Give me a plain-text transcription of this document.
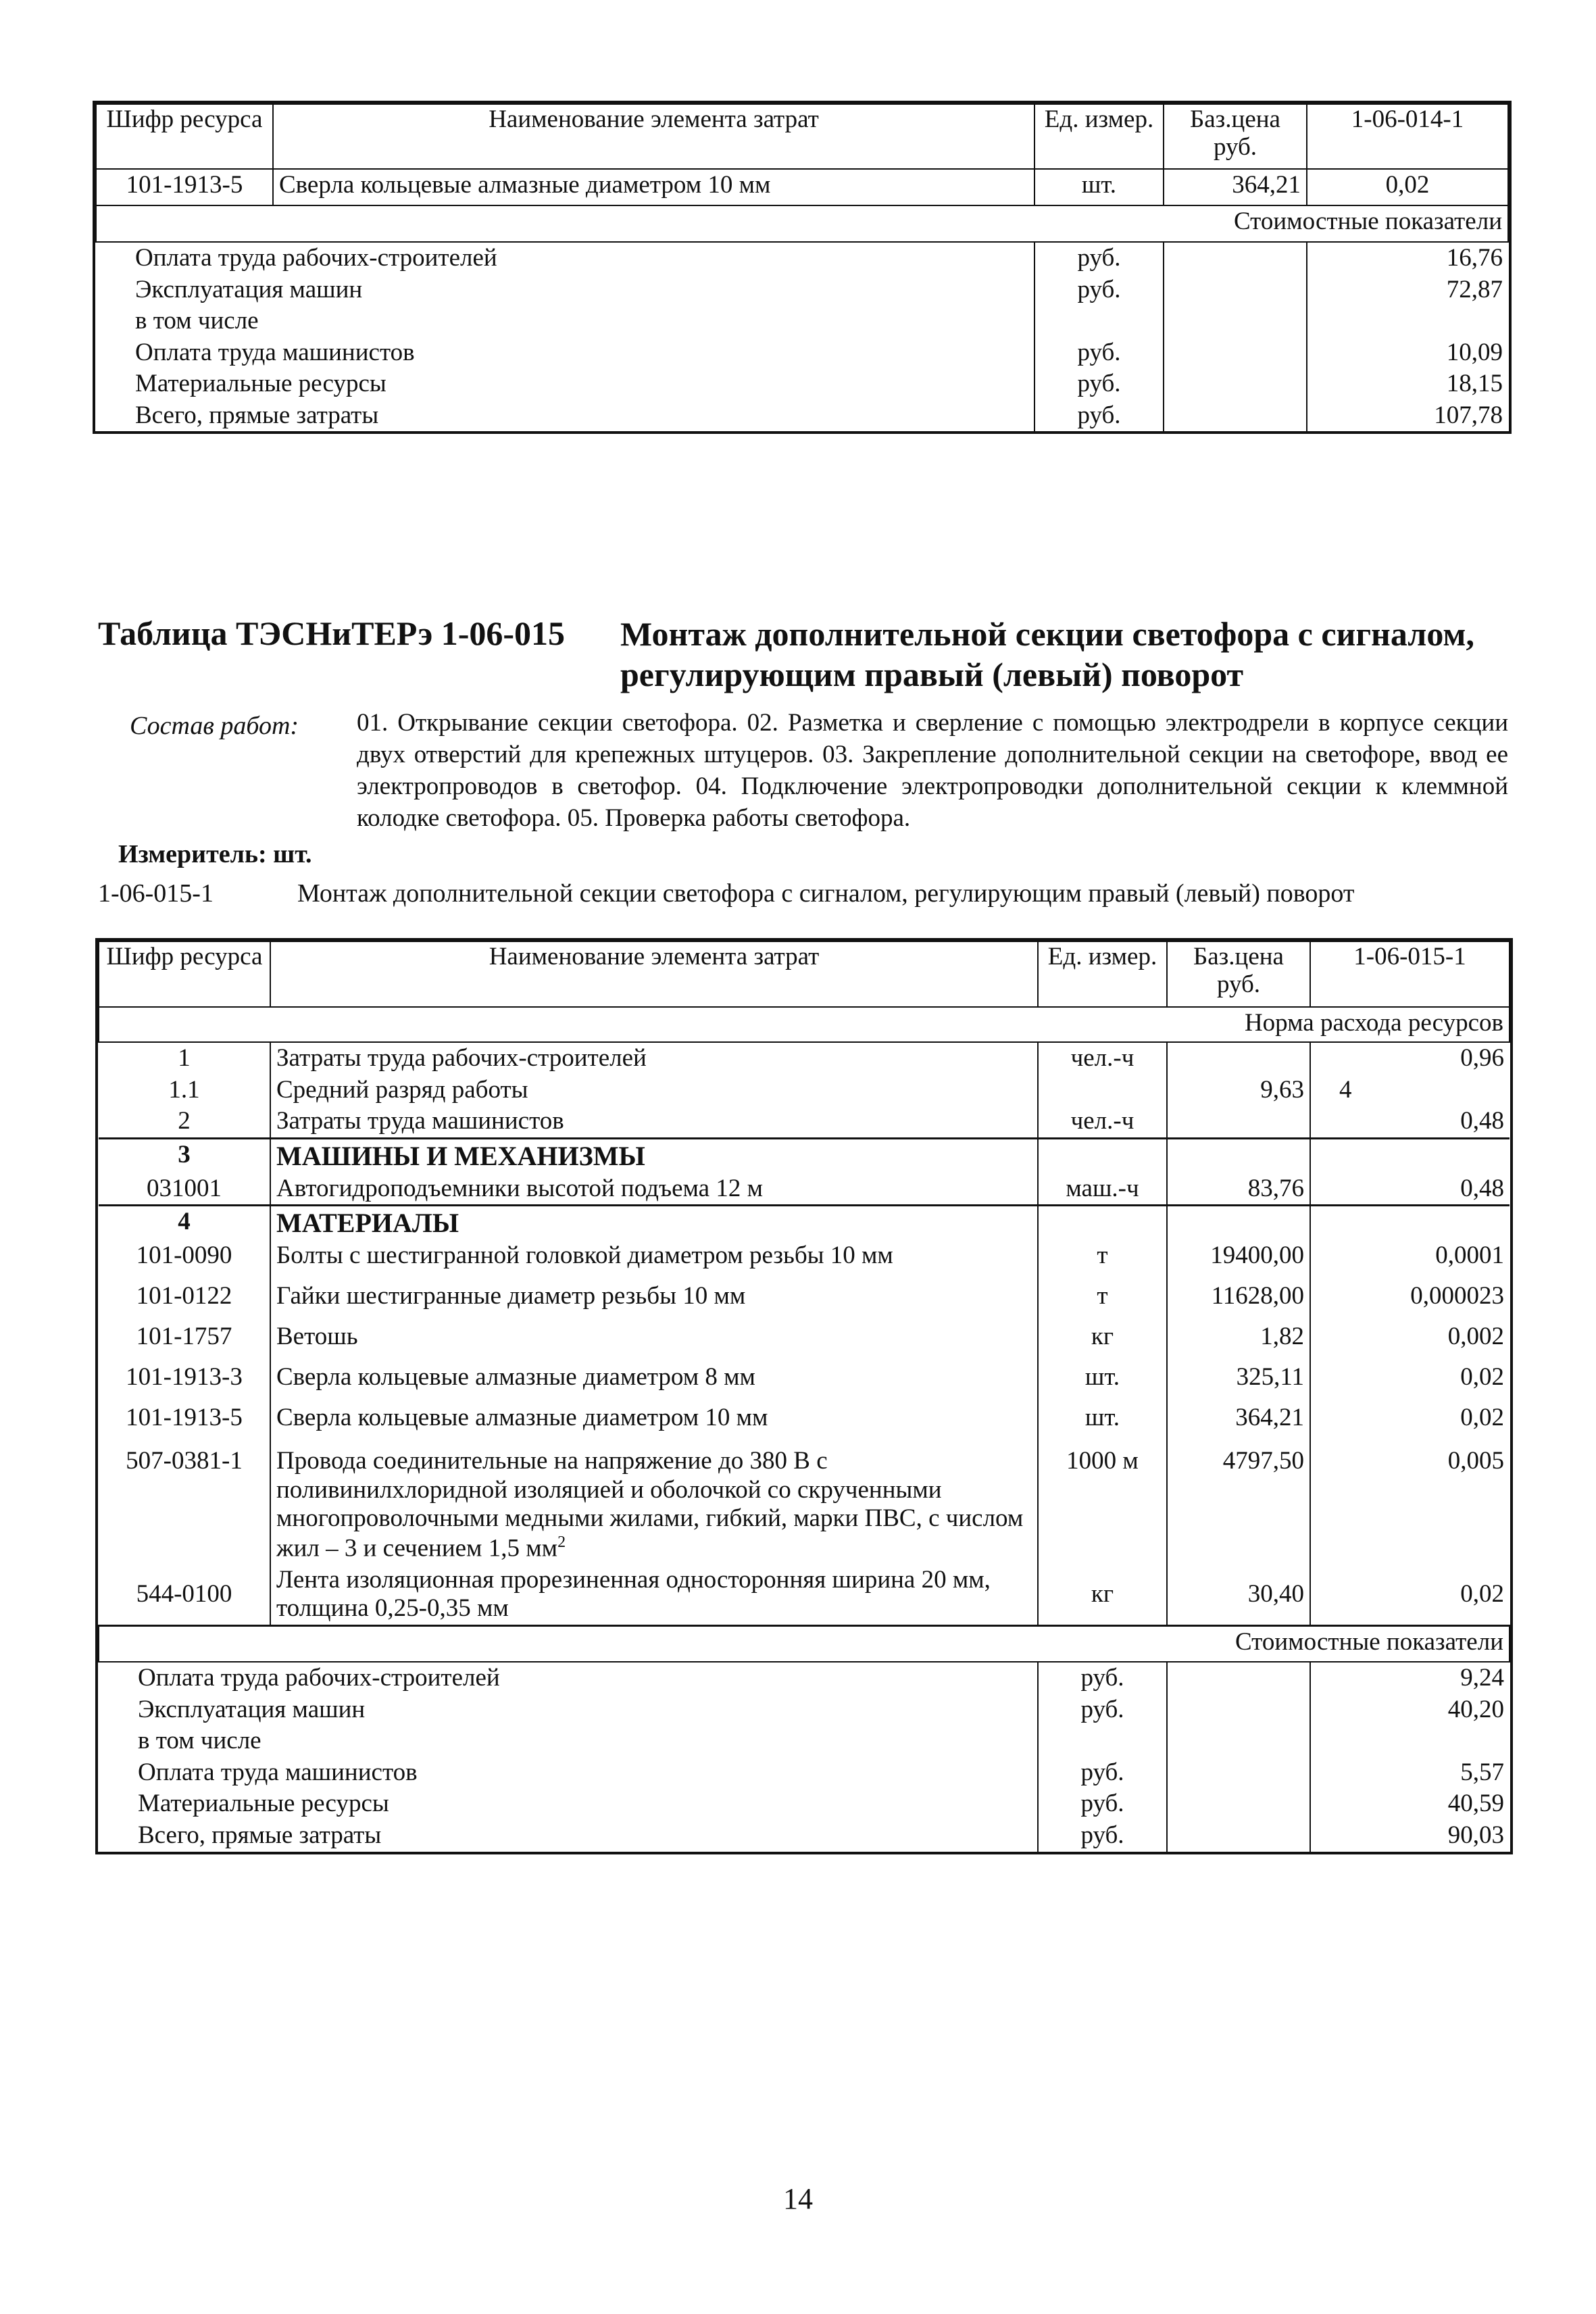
Шифр ресурса	Наименование элемента затрат	Ед. измер.	Баз.цена руб.	1-06-014-1
101-1913-5	Сверла кольцевые алмазные диаметром 10 мм	шт.	364,21	0,02
Стоимостные показатели				
Оплата труда рабочих-строителей		руб.		16,76
Эксплуатация машин		руб.		72,87
в том числе				
Оплата труда машинистов		руб.		10,09
Материальные ресурсы		руб.		18,15
Всего, прямые затраты		руб.		107,78
Таблица ТЭСНиТЕРэ 1-06-015 Монтаж дополнительной секции светофора с сигналом, регулирующим правый (левый) поворот
Состав работ: 01. Открывание секции светофора. 02. Разметка и сверление с помощью электродрели в корпусе секции двух отверстий для крепежных штуцеров. 03. Закрепление дополнительной секции на светофоре, ввод ее электропроводов в светофор. 04. Подключение электропроводки дополнительной секции к клеммной колодке светофора. 05. Проверка работы светофора.
Измеритель: шт.
1-06-015-1	Монтаж дополнительной секции светофора с сигналом, регулирующим правый (левый) поворот
Шифр ресурса	Наименование элемента затрат	Ед. измер.	Баз.цена руб.	1-06-015-1
Норма расхода ресурсов				
1	Затраты труда рабочих-строителей	чел.-ч		0,96
1.1	Средний разряд работы		9,63	4
2	Затраты труда машинистов	чел.-ч		0,48
3	МАШИНЫ И МЕХАНИЗМЫ			
031001	Автогидроподъемники высотой подъема 12 м	маш.-ч	83,76	0,48
4	МАТЕРИАЛЫ			
101-0090	Болты с шестигранной головкой диаметром резьбы 10 мм	т	19400,00	0,0001
101-0122	Гайки шестигранные диаметр резьбы 10 мм	т	11628,00	0,000023
101-1757	Ветошь	кг	1,82	0,002
101-1913-3	Сверла кольцевые алмазные диаметром 8 мм	шт.	325,11	0,02
101-1913-5	Сверла кольцевые алмазные диаметром 10 мм	шт.	364,21	0,02
507-0381-1	Провода соединительные на напряжение до 380 В с поливинилхлоридной изоляцией и оболочкой со скрученными многопроволочными медными жилами, гибкий, марки ПВС, с числом жил – 3 и сечением 1,5 $мм^2$	1000 м	4797,50	0,005
544-0100	Лента изоляционная прорезиненная односторонняя ширина 20 мм, толщина 0,25-0,35 мм	кг	30,40	0,02
Стоимостные показатели				
Оплата труда рабочих-строителей		руб.		9,24
Эксплуатация машин		руб.		40,20
в том числе				
Оплата труда машинистов		руб.		5,57
Материальные ресурсы		руб.		40,59
Всего, прямые затраты		руб.		90,03
14
